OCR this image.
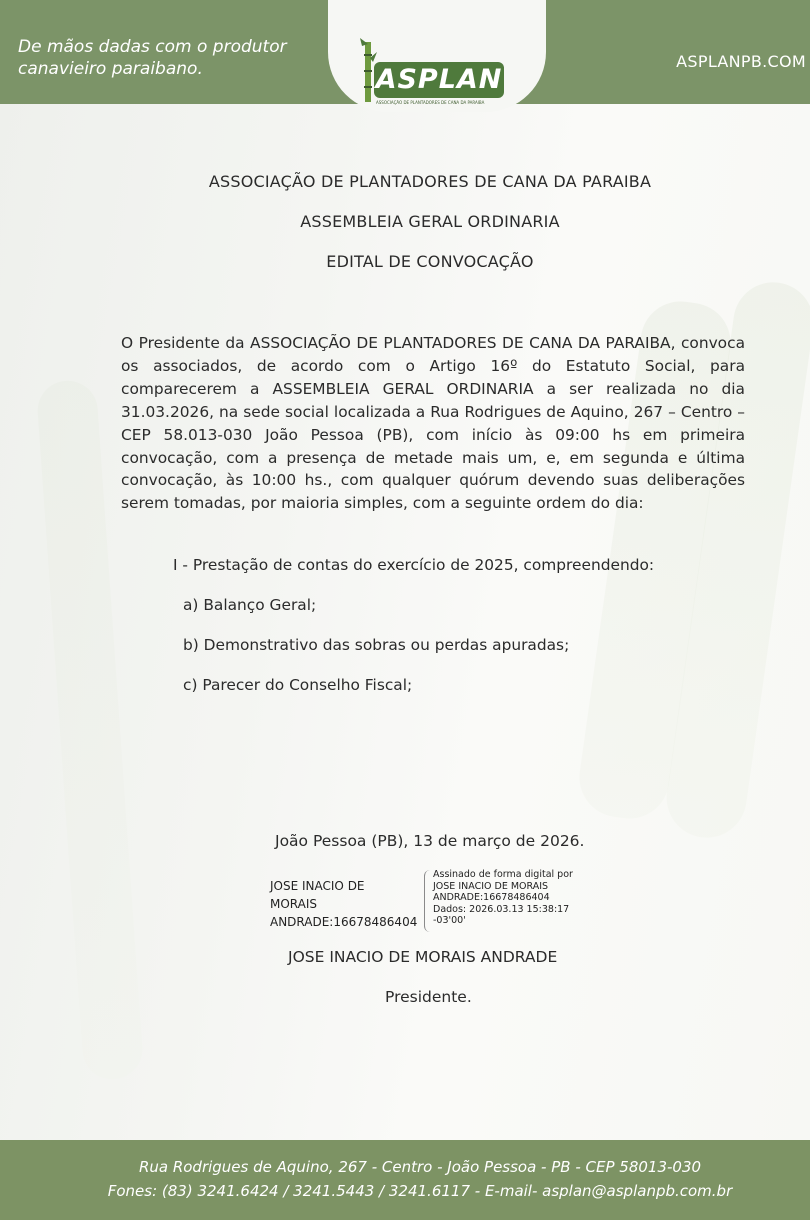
De mãos dadas com o produtor
canavieiro paraibano.	ASPLANPB.COM
ASPLAN
ASSOCIAÇÃO DE PLANTADORES DE CANA DA PARAIBA
ASSOCIAÇÃO DE PLANTADORES DE CANA DA PARAIBA
ASSEMBLEIA GERAL ORDINARIA
EDITAL DE CONVOCAÇÃO
O Presidente da ASSOCIAÇÃO DE PLANTADORES DE CANA DA PARAIBA, convoca os associados, de acordo com o Artigo 16º do Estatuto Social, para comparecerem a ASSEMBLEIA GERAL ORDINARIA a ser realizada no dia 31.03.2026, na sede social localizada a Rua Rodrigues de Aquino, 267 – Centro – CEP 58.013-030 João Pessoa (PB), com início às 09:00 hs em primeira convocação, com a presença de metade mais um, e, em segunda e última convocação, às 10:00 hs., com qualquer quórum devendo suas deliberações serem tomadas, por maioria simples, com a seguinte ordem do dia:
I - Prestação de contas do exercício de 2025, compreendendo:
a) Balanço Geral;
b) Demonstrativo das sobras ou perdas apuradas;
c) Parecer do Conselho Fiscal;
João Pessoa (PB), 13 de março de 2026.
JOSE INACIO DE
MORAIS
ANDRADE:16678486404
Assinado de forma digital por
JOSE INACIO DE MORAIS
ANDRADE:16678486404
Dados: 2026.03.13 15:38:17
-03'00'
JOSE INACIO DE MORAIS ANDRADE
Presidente.
Rua Rodrigues de Aquino, 267 - Centro - João Pessoa - PB - CEP 58013-030
Fones: (83) 3241.6424 / 3241.5443 / 3241.6117 - E-mail- asplan@asplanpb.com.br
